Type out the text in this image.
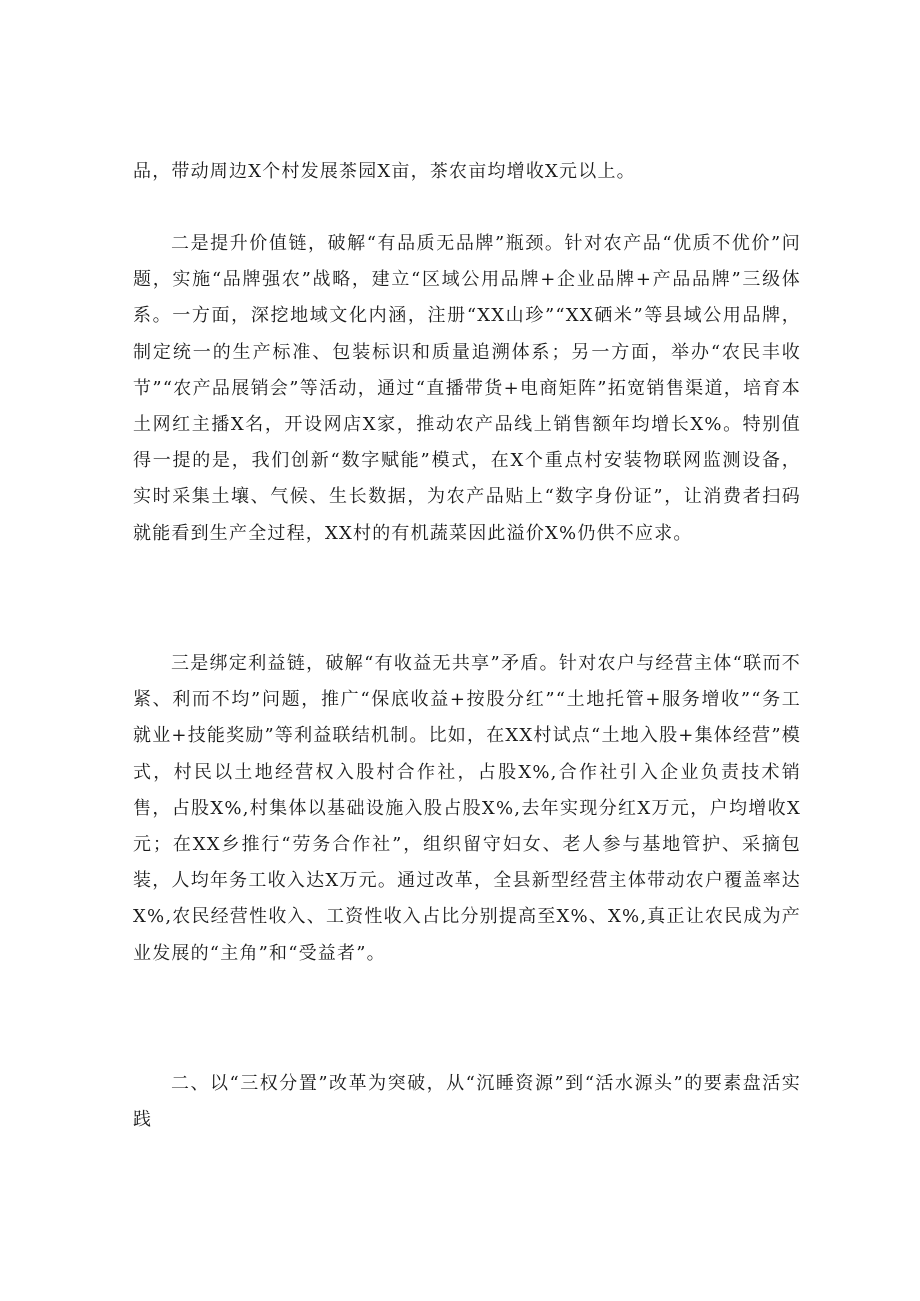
品，带动周边X个村发展茶园X亩，茶农亩均增收X元以上。

二是提升价值链，破解“有品质无品牌”瓶颈。针对农产品“优质不优价”问题，实施“品牌强农”战略，建立“区域公用品牌+企业品牌+产品品牌”三级体系。一方面，深挖地域文化内涵，注册“XX山珍”“XX硒米”等县域公用品牌，制定统一的生产标准、包装标识和质量追溯体系；另一方面，举办“农民丰收节”“农产品展销会”等活动，通过“直播带货+电商矩阵”拓宽销售渠道，培育本土网红主播X名，开设网店X家，推动农产品线上销售额年均增长X%。特别值得一提的是，我们创新“数字赋能”模式，在X个重点村安装物联网监测设备，实时采集土壤、气候、生长数据，为农产品贴上“数字身份证”，让消费者扫码就能看到生产全过程，XX村的有机蔬菜因此溢价X%仍供不应求。

三是绑定利益链，破解“有收益无共享”矛盾。针对农户与经营主体“联而不紧、利而不均”问题，推广“保底收益+按股分红”“土地托管+服务增收”“务工就业+技能奖励”等利益联结机制。比如，在XX村试点“土地入股+集体经营”模式，村民以土地经营权入股村合作社，占股X%,合作社引入企业负责技术销售，占股X%,村集体以基础设施入股占股X%,去年实现分红X万元，户均增收X元；在XX乡推行“劳务合作社”，组织留守妇女、老人参与基地管护、采摘包装，人均年务工收入达X万元。通过改革，全县新型经营主体带动农户覆盖率达X%,农民经营性收入、工资性收入占比分别提高至X%、X%,真正让农民成为产业发展的“主角”和“受益者”。

二、以“三权分置”改革为突破，从“沉睡资源”到“活水源头”的要素盘活实践
